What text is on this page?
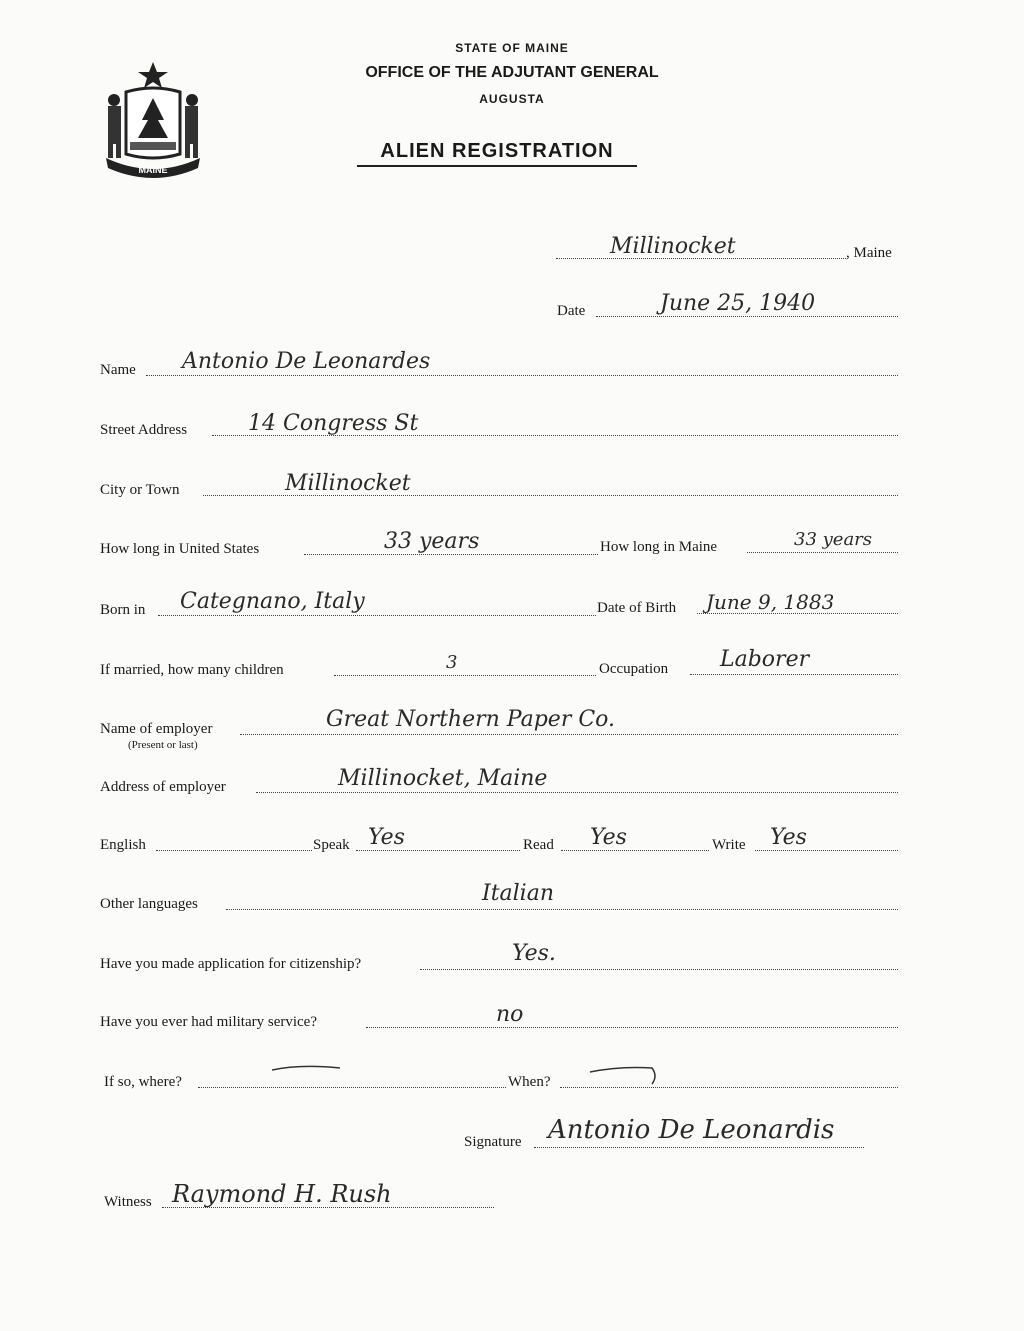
MAINE
STATE OF MAINE
OFFICE OF THE ADJUTANT GENERAL
AUGUSTA
ALIEN REGISTRATION
Millinocket	, Maine
Date	June 25, 1940
Name Antonio De Leonardes
Street Address	14 Congress St
City or Town	Millinocket
How long in United States	33 years	How long in Maine	33 years
Born in Categnano, Italy	Date of Birth June 9, 1883
If married, how many children	3	Occupation Laborer
Name of employer
(Present or last)
Great Northern Paper Co.
Address of employer	Millinocket, Maine
English	Speak Yes	Read Yes	Write Yes
Other languages	Italian
Have you made application for citizenship?	Yes.
Have you ever had military service?	no
If so, where?	When?
Signature Antonio De Leonardis
Witness Raymond H. Rush
